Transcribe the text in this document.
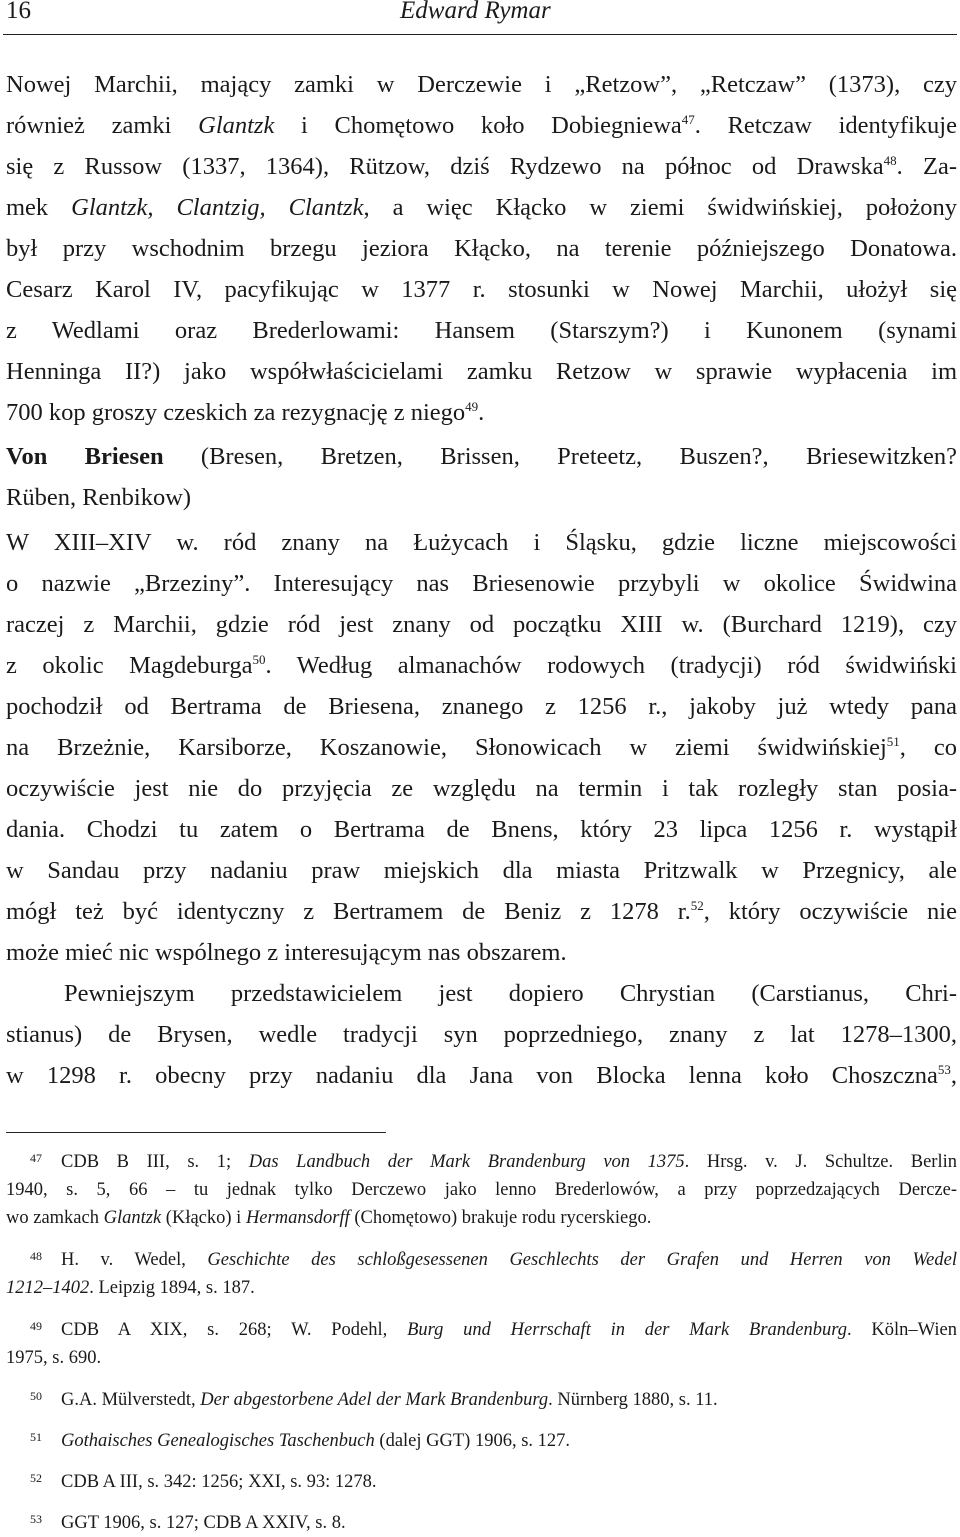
16	Edward Rymar
Nowej Marchii, mający zamki w Derczewie i „Retzow”, „Retczaw” (1373), czy
również zamki Glantzk i Chomętowo koło Dobiegniewa$^{47}$. Retczaw identyfikuje
się z Russow (1337, 1364), Rützow, dziś Rydzewo na północ od Drawska$^{48}$. Za-
mek Glantzk, Clantzig, Clantzk, a więc Kłącko w ziemi świdwińskiej, położony
był przy wschodnim brzegu jeziora Kłącko, na terenie późniejszego Donatowa.
Cesarz Karol IV, pacyfikując w 1377 r. stosunki w Nowej Marchii, ułożył się
z Wedlami oraz Brederlowami: Hansem (Starszym?) i Kunonem (synami
Henninga II?) jako współwłaścicielami zamku Retzow w sprawie wypłacenia im
700 kop groszy czeskich za rezygnację z niego$^{49}$.
Von Briesen (Bresen, Bretzen, Brissen, Preteetz, Buszen?, Briesewitzken?
Rüben, Renbikow)
W XIII–XIV w. ród znany na Łużycach i Śląsku, gdzie liczne miejscowości
o nazwie „Brzeziny”. Interesujący nas Briesenowie przybyli w okolice Świdwina
raczej z Marchii, gdzie ród jest znany od początku XIII w. (Burchard 1219), czy
z okolic Magdeburga$^{50}$. Według almanachów rodowych (tradycji) ród świdwiński
pochodził od Bertrama de Briesena, znanego z 1256 r., jakoby już wtedy pana
na Brzeżnie, Karsiborze, Koszanowie, Słonowicach w ziemi świdwińskiej$^{51}$, co
oczywiście jest nie do przyjęcia ze względu na termin i tak rozległy stan posia-
dania. Chodzi tu zatem o Bertrama de Bnens, który 23 lipca 1256 r. wystąpił
w Sandau przy nadaniu praw miejskich dla miasta Pritzwalk w Przegnicy, ale
mógł też być identyczny z Bertramem de Beniz z 1278 r.$^{52}$, który oczywiście nie
może mieć nic wspólnego z interesującym nas obszarem.
Pewniejszym przedstawicielem jest dopiero Chrystian (Carstianus, Chri-
stianus) de Brysen, wedle tradycji syn poprzedniego, znany z lat 1278–1300,
w 1298 r. obecny przy nadaniu dla Jana von Blocka lenna koło Choszczna$^{53}$,
47 CDB B III, s. 1; Das Landbuch der Mark Brandenburg von 1375. Hrsg. v. J. Schultze. Berlin
1940, s. 5, 66 – tu jednak tylko Derczewo jako lenno Brederlowów, a przy poprzedzających Dercze-
wo zamkach Glantzk (Kłącko) i Hermansdorff (Chomętowo) brakuje rodu rycerskiego.
48 H. v. Wedel, Geschichte des schloßgesessenen Geschlechts der Grafen und Herren von Wedel
1212–1402. Leipzig 1894, s. 187.
49 CDB A XIX, s. 268; W. Podehl, Burg und Herrschaft in der Mark Brandenburg. Köln–Wien
1975, s. 690.
50 G.A. Mülverstedt, Der abgestorbene Adel der Mark Brandenburg. Nürnberg 1880, s. 11.
51 Gothaisches Genealogisches Taschenbuch (dalej GGT) 1906, s. 127.
52 CDB A III, s. 342: 1256; XXI, s. 93: 1278.
53 GGT 1906, s. 127; CDB A XXIV, s. 8.
